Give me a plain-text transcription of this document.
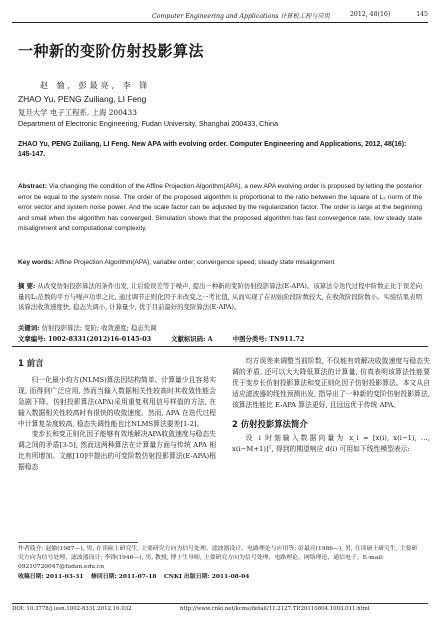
Computer Engineering and Applications 计算机工程与应用	2012, 48(16)	145
一种新的变阶仿射投影算法
赵 愉, 彭最亮, 李 锋
ZHAO Yu, PENG Zuiliang, LI Feng
复旦大学 电子工程系, 上海 200433
Department of Electronic Engineering, Fudan University, Shanghai 200433, China
ZHAO Yu, PENG Zuiliang, LI Feng. New APA with evolving order. Computer Engineering and Applications, 2012, 48(16): 145-147.
Abstract: Via changing the condition of the Affine Projection Algorithm(APA), a new APA evolving order is proposed by letting the posterior error be equal to the system noise. The order of the proposed algorithm is proportional to the ratio between the square of L₂ norm of the error vector and system noise power. And the scale factor can be adjusted by the regularization factor. The order is large at the beginning and small when the algorithm has converged. Simulation shows that the proposed algorithm has fast convergence rate, low steady state misalignment and computational complexity.
Key words: Affine Projection Algorithm(APA); variable order; convergence speed; steady state misalignment
摘 要: 从改变仿射投影算法的条件出发, 让后验误差等于噪声, 提出一种新的变阶仿射投影算法(E-APA)。该算法令迭代过程中阶数正比于误差向量的L₂范数的平方与噪声功率之比, 通过调节正则化因子来改变之一考比值, 从而实现了在初始阶段阶数较大, 在收敛阶段阶数小。实验结果表明该算法收敛速度快, 稳态失调小, 计算量少, 优于目前最好的变阶算法(E-APA)。
关键词: 仿射投影算法; 变阶; 收敛速度; 稳态失调
文章编号: 1002-8331(2012)16-0145-03	文献标识码: A	中图分类号: TN911.72
1 前言

归一化最小均方(NLMS)算法因结构简单、计算量少且容易实现, 而得到广泛应用, 然而当输入数据相关性较高时其收敛性能会急剧下降。仿射投影算法(APA)采用重复利用信号样值的方法, 在输入数据相关性较高时有很快的收敛速度。然而, APA 在迭代过程中计算复杂度较高, 稳态失调性能也比NLMS算法要差[1-2]。

变步长和变正则化因子能够有效地解决APA收敛速度与稳态失调之间的矛盾[3-5], 然而这两种算法在计算量方面与传统 APA 相比有所增加。文献[10]中提出的可变阶数仿射投影算法(E-APA)根据稳态

均方误差来调整当前阶数, 不仅能有效解决收敛速度与稳态失调的矛盾, 还可以大大降低算法的计算量, 仿真表明该算法性能要优于变步长仿射投影算法和变正则化因子仿射投影算法。本文从自适应滤波器的线性预测出发, 指导出了一种新的变阶仿射投影算法, 该算法性能比 E-APA 算法更好, 且远远优于传统 APA。

2 仿射投影算法简介

设 i 时刻输入数据向量为 x_i = [x(i), x(i−1), …, x(i−M+1)]ᵀ, 得到的期望响应 d(i) 可用如下线性模型表示:

作者简介: 赵愉(1987—), 男, 在读硕士研究生, 主要研究方向为信号处理、滤波器设计、电路理论与应用等; 彭最亮(1986—), 男, 在读硕士研究生, 主要研究方向为信号处理、滤波器设计; 李锋(1946—), 男, 教授, 博士生导师, 主要研究方向为信号处理、电路理论、网络理论、通信电子。E-mail: 09210720047@fudan.edu.cn
收稿日期: 2011-03-31 修回日期: 2011-07-18 CNKI 出版日期: 2011-08-04
DOI: 10.3778/j.issn.1002-8331.2012.16.032	http://www.cnki.net/kcms/detail/11.2127.TP.20110804.1003.011.html
